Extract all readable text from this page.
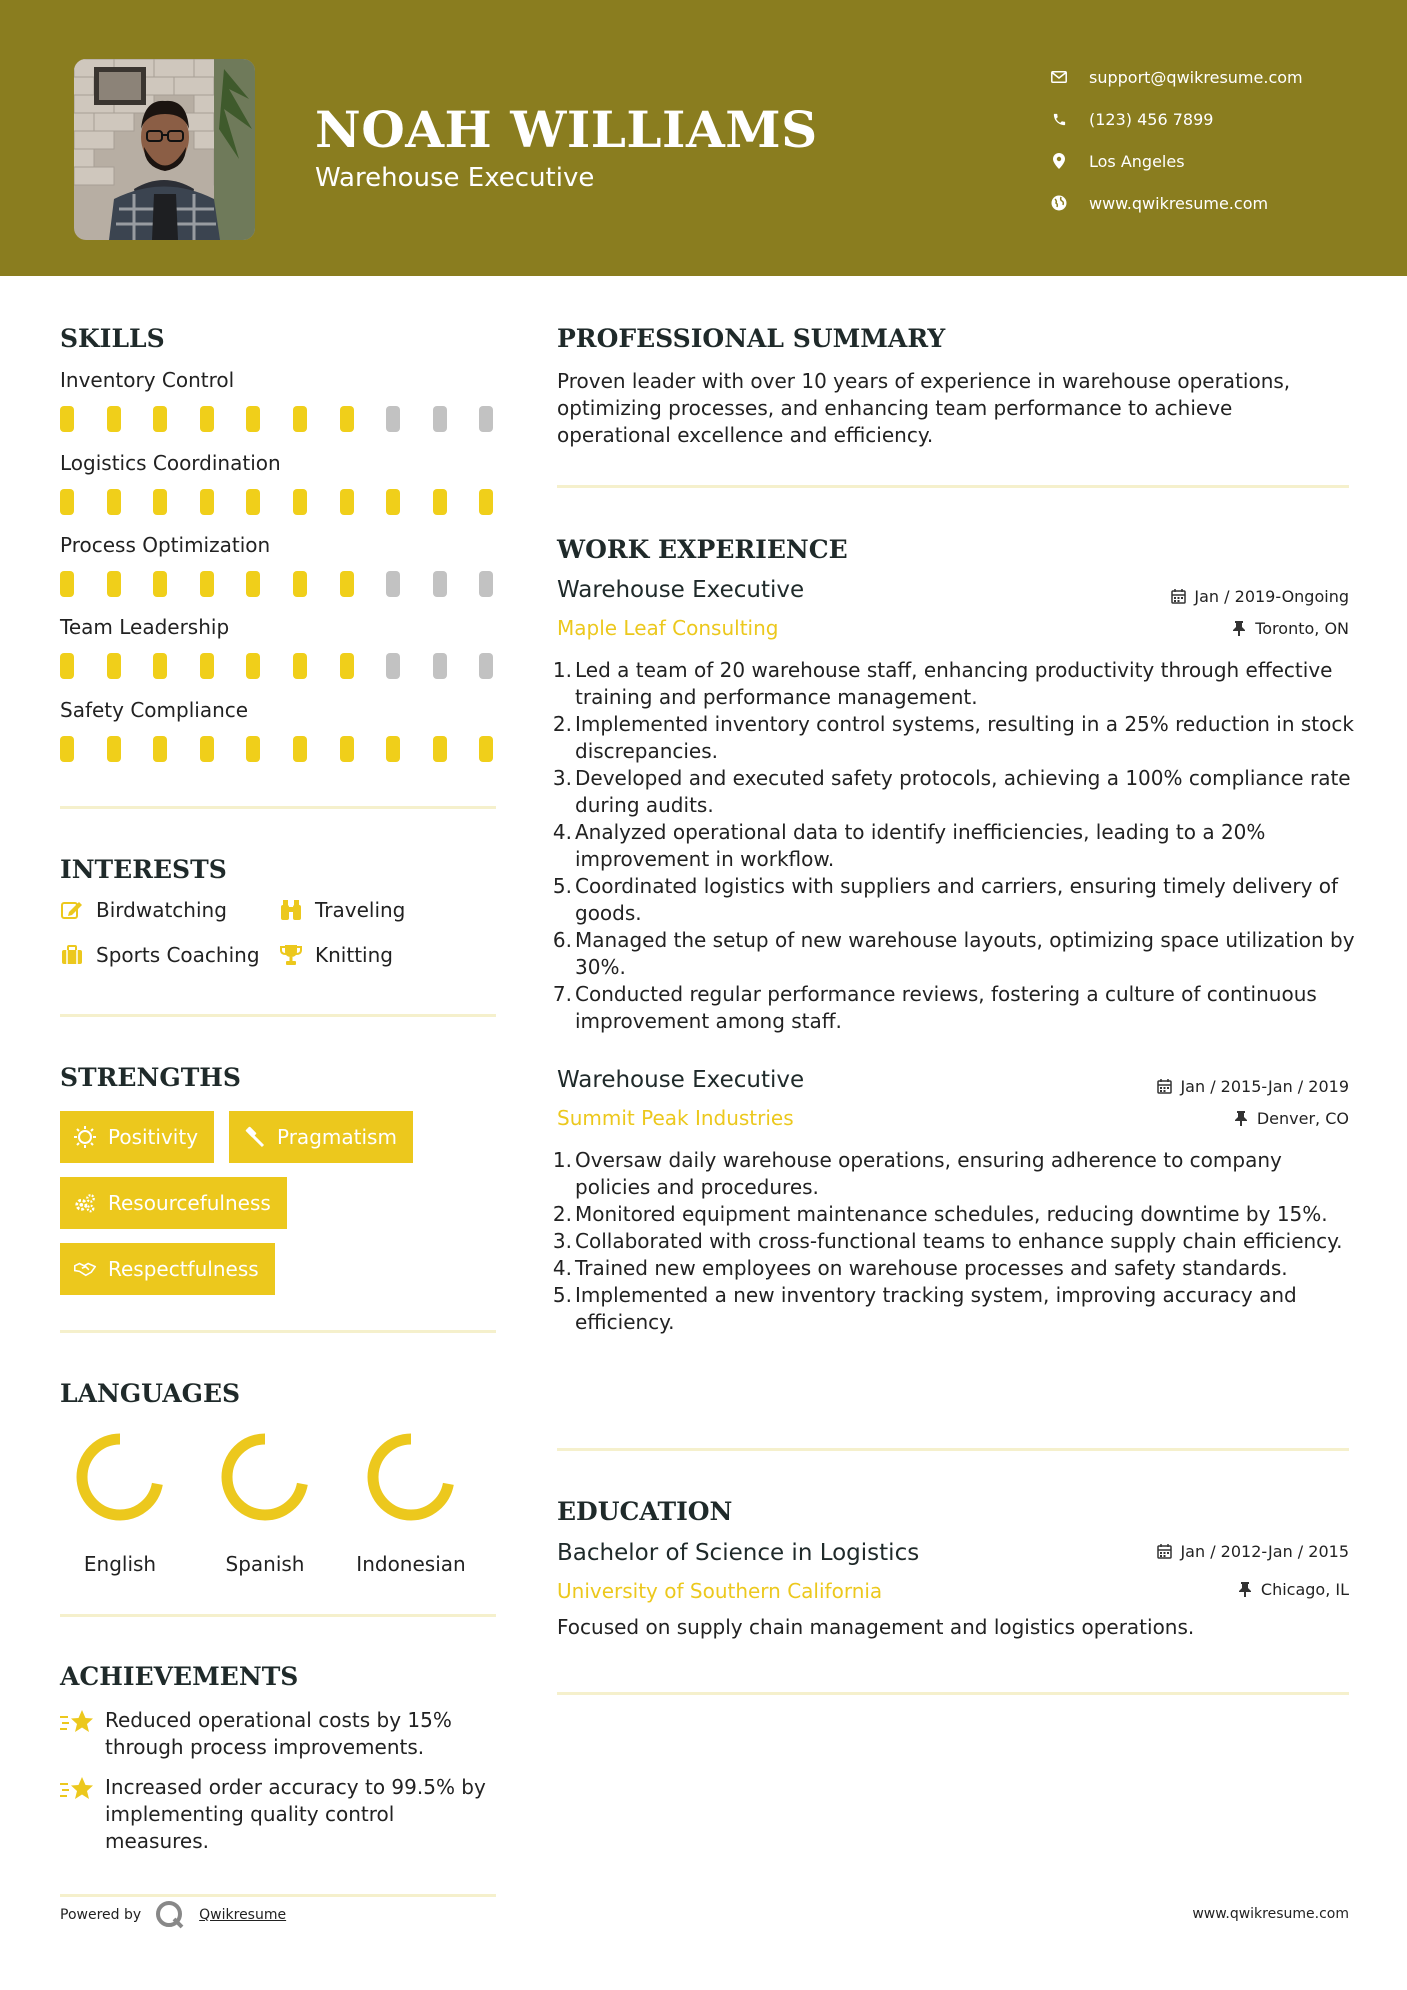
NOAH WILLIAMS
Warehouse Executive
support@qwikresume.com
(123) 456 7899
Los Angeles
www.qwikresume.com
SKILLS
Inventory Control
Logistics Coordination
Process Optimization
Team Leadership
Safety Compliance
INTERESTS
Birdwatching	Traveling
Sports Coaching	Knitting
STRENGTHS
Positivity	Pragmatism
Resourcefulness
Respectfulness
LANGUAGES
English	Spanish	Indonesian
ACHIEVEMENTS
Reduced operational costs by 15% through process improvements.
Increased order accuracy to 99.5% by implementing quality control measures.
Powered by	Qwikresume	www.qwikresume.com
PROFESSIONAL SUMMARY
Proven leader with over 10 years of experience in warehouse operations, optimizing processes, and enhancing team performance to achieve operational excellence and efficiency.
WORK EXPERIENCE
Warehouse Executive	Jan / 2019-Ongoing
Maple Leaf Consulting	Toronto, ON
1. Led a team of 20 warehouse staff, enhancing productivity through effective training and performance management.
2. Implemented inventory control systems, resulting in a 25% reduction in stock discrepancies.
3. Developed and executed safety protocols, achieving a 100% compliance rate during audits.
4. Analyzed operational data to identify inefficiencies, leading to a 20% improvement in workflow.
5. Coordinated logistics with suppliers and carriers, ensuring timely delivery of goods.
6. Managed the setup of new warehouse layouts, optimizing space utilization by 30%.
7. Conducted regular performance reviews, fostering a culture of continuous improvement among staff.
Warehouse Executive	Jan / 2015-Jan / 2019
Summit Peak Industries	Denver, CO
1. Oversaw daily warehouse operations, ensuring adherence to company policies and procedures.
2. Monitored equipment maintenance schedules, reducing downtime by 15%.
3. Collaborated with cross-functional teams to enhance supply chain efficiency.
4. Trained new employees on warehouse processes and safety standards.
5. Implemented a new inventory tracking system, improving accuracy and efficiency.
EDUCATION
Bachelor of Science in Logistics	Jan / 2012-Jan / 2015
University of Southern California	Chicago, IL
Focused on supply chain management and logistics operations.
